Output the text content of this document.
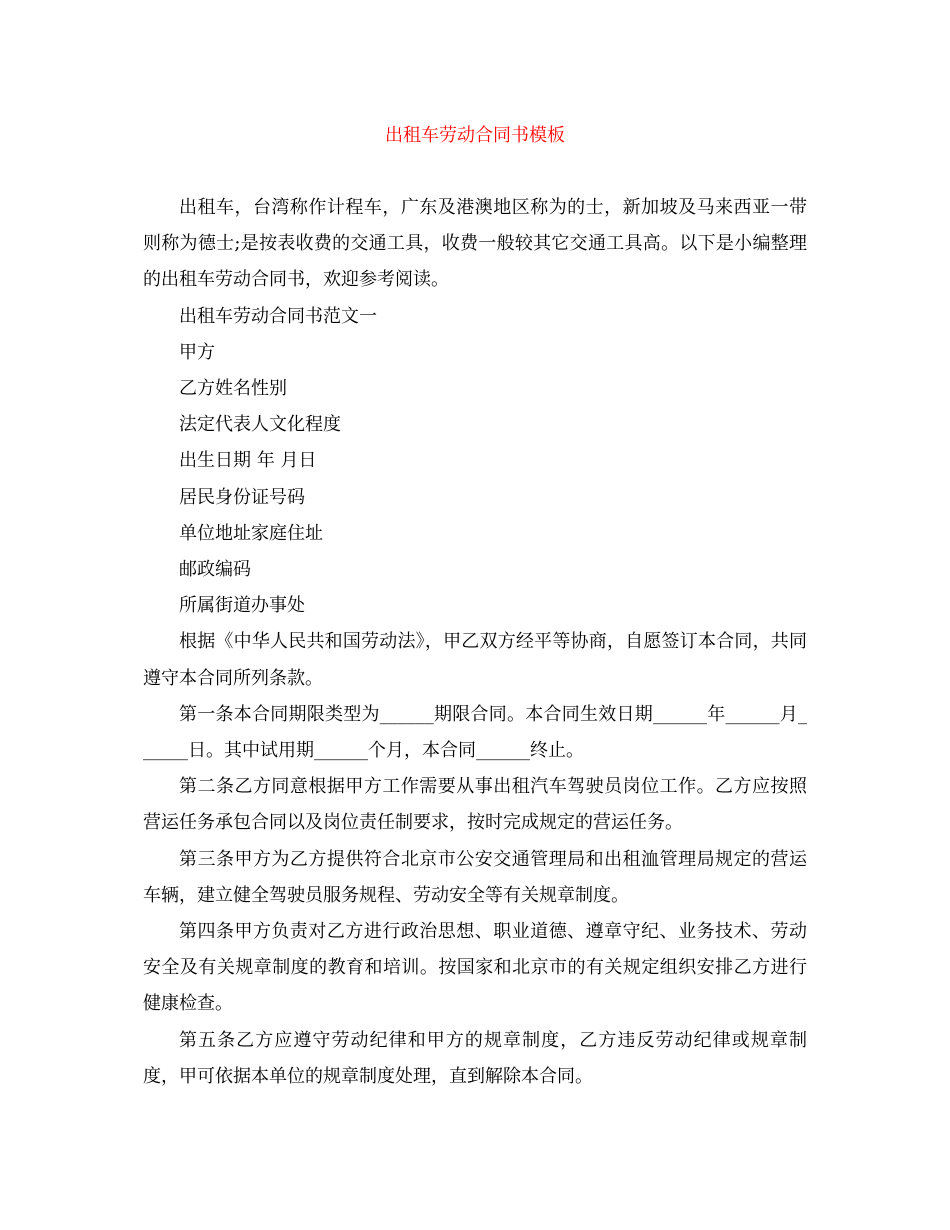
出租车劳动合同书模板

出租车，台湾称作计程车，广东及港澳地区称为的士，新加坡及马来西亚一带则称为德士;是按表收费的交通工具，收费一般较其它交通工具高。以下是小编整理的出租车劳动合同书，欢迎参考阅读。

出租车劳动合同书范文一

甲方

乙方姓名性别

法定代表人文化程度

出生日期 年 月日

居民身份证号码

单位地址家庭住址

邮政编码

所属街道办事处

根据《中华人民共和国劳动法》，甲乙双方经平等协商，自愿签订本合同，共同遵守本合同所列条款。

第一条本合同期限类型为______期限合同。本合同生效日期______年______月______日。其中试用期______个月，本合同______终止。

第二条乙方同意根据甲方工作需要从事出租汽车驾驶员岗位工作。乙方应按照营运任务承包合同以及岗位责任制要求，按时完成规定的营运任务。

第三条甲方为乙方提供符合北京市公安交通管理局和出租洫管理局规定的营运车辆，建立健全驾驶员服务规程、劳动安全等有关规章制度。

第四条甲方负责对乙方进行政治思想、职业道德、遵章守纪、业务技术、劳动安全及有关规章制度的教育和培训。按国家和北京市的有关规定组织安排乙方进行健康检查。

第五条乙方应遵守劳动纪律和甲方的规章制度，乙方违反劳动纪律或规章制度，甲可依据本单位的规章制度处理，直到解除本合同。
